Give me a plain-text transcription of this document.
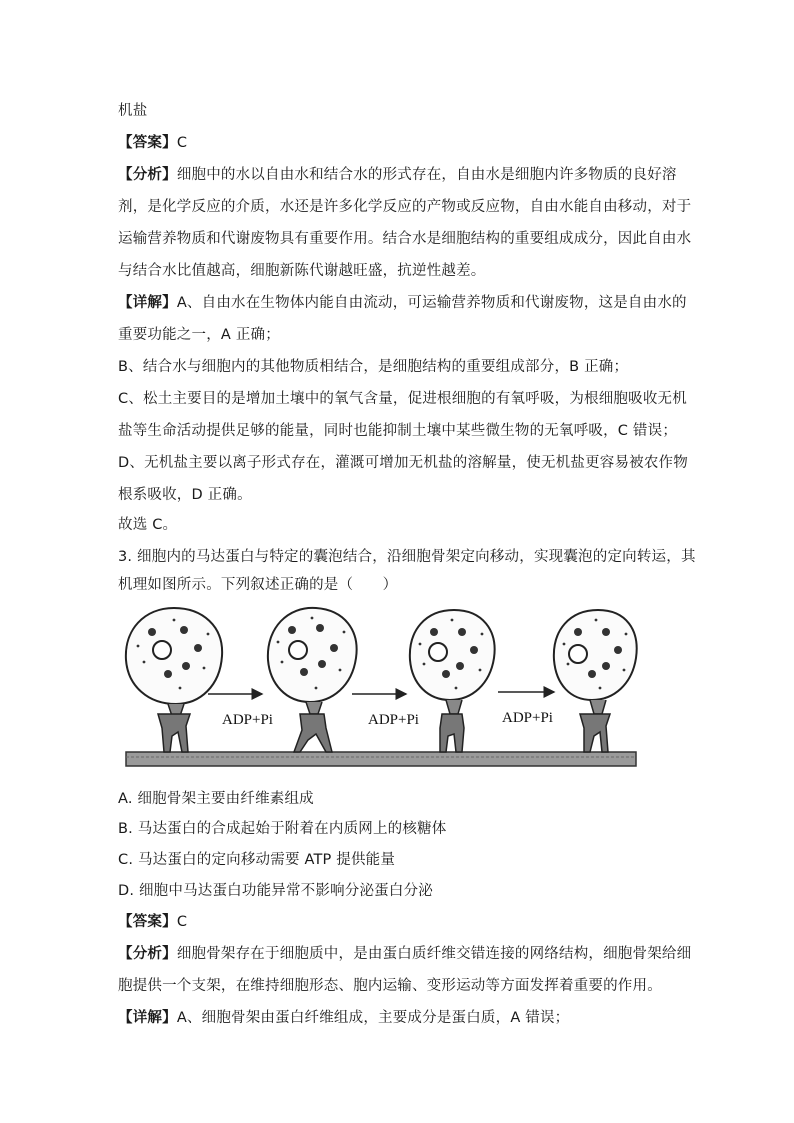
机盐
【答案】C
【分析】细胞中的水以自由水和结合水的形式存在，自由水是细胞内许多物质的良好溶
剂，是化学反应的介质，水还是许多化学反应的产物或反应物，自由水能自由移动，对于
运输营养物质和代谢废物具有重要作用。结合水是细胞结构的重要组成成分，因此自由水
与结合水比值越高，细胞新陈代谢越旺盛，抗逆性越差。
【详解】A、自由水在生物体内能自由流动，可运输营养物质和代谢废物，这是自由水的
重要功能之一，A 正确；
B、结合水与细胞内的其他物质相结合，是细胞结构的重要组成部分，B 正确；
C、松土主要目的是增加土壤中的氧气含量，促进根细胞的有氧呼吸，为根细胞吸收无机
盐等生命活动提供足够的能量，同时也能抑制土壤中某些微生物的无氧呼吸，C 错误；
D、无机盐主要以离子形式存在，灌溉可增加无机盐的溶解量，使无机盐更容易被农作物
根系吸收，D 正确。
故选 C。
3. 细胞内的马达蛋白与特定的囊泡结合，沿细胞骨架定向移动，实现囊泡的定向转运，其
机理如图所示。下列叙述正确的是（　　）
ADP+Pi	ADP+Pi	ADP+Pi
A. 细胞骨架主要由纤维素组成
B. 马达蛋白的合成起始于附着在内质网上的核糖体
C. 马达蛋白的定向移动需要 ATP 提供能量
D. 细胞中马达蛋白功能异常不影响分泌蛋白分泌
【答案】C
【分析】细胞骨架存在于细胞质中，是由蛋白质纤维交错连接的网络结构，细胞骨架给细
胞提供一个支架，在维持细胞形态、胞内运输、变形运动等方面发挥着重要的作用。
【详解】A、细胞骨架由蛋白纤维组成，主要成分是蛋白质，A 错误；
